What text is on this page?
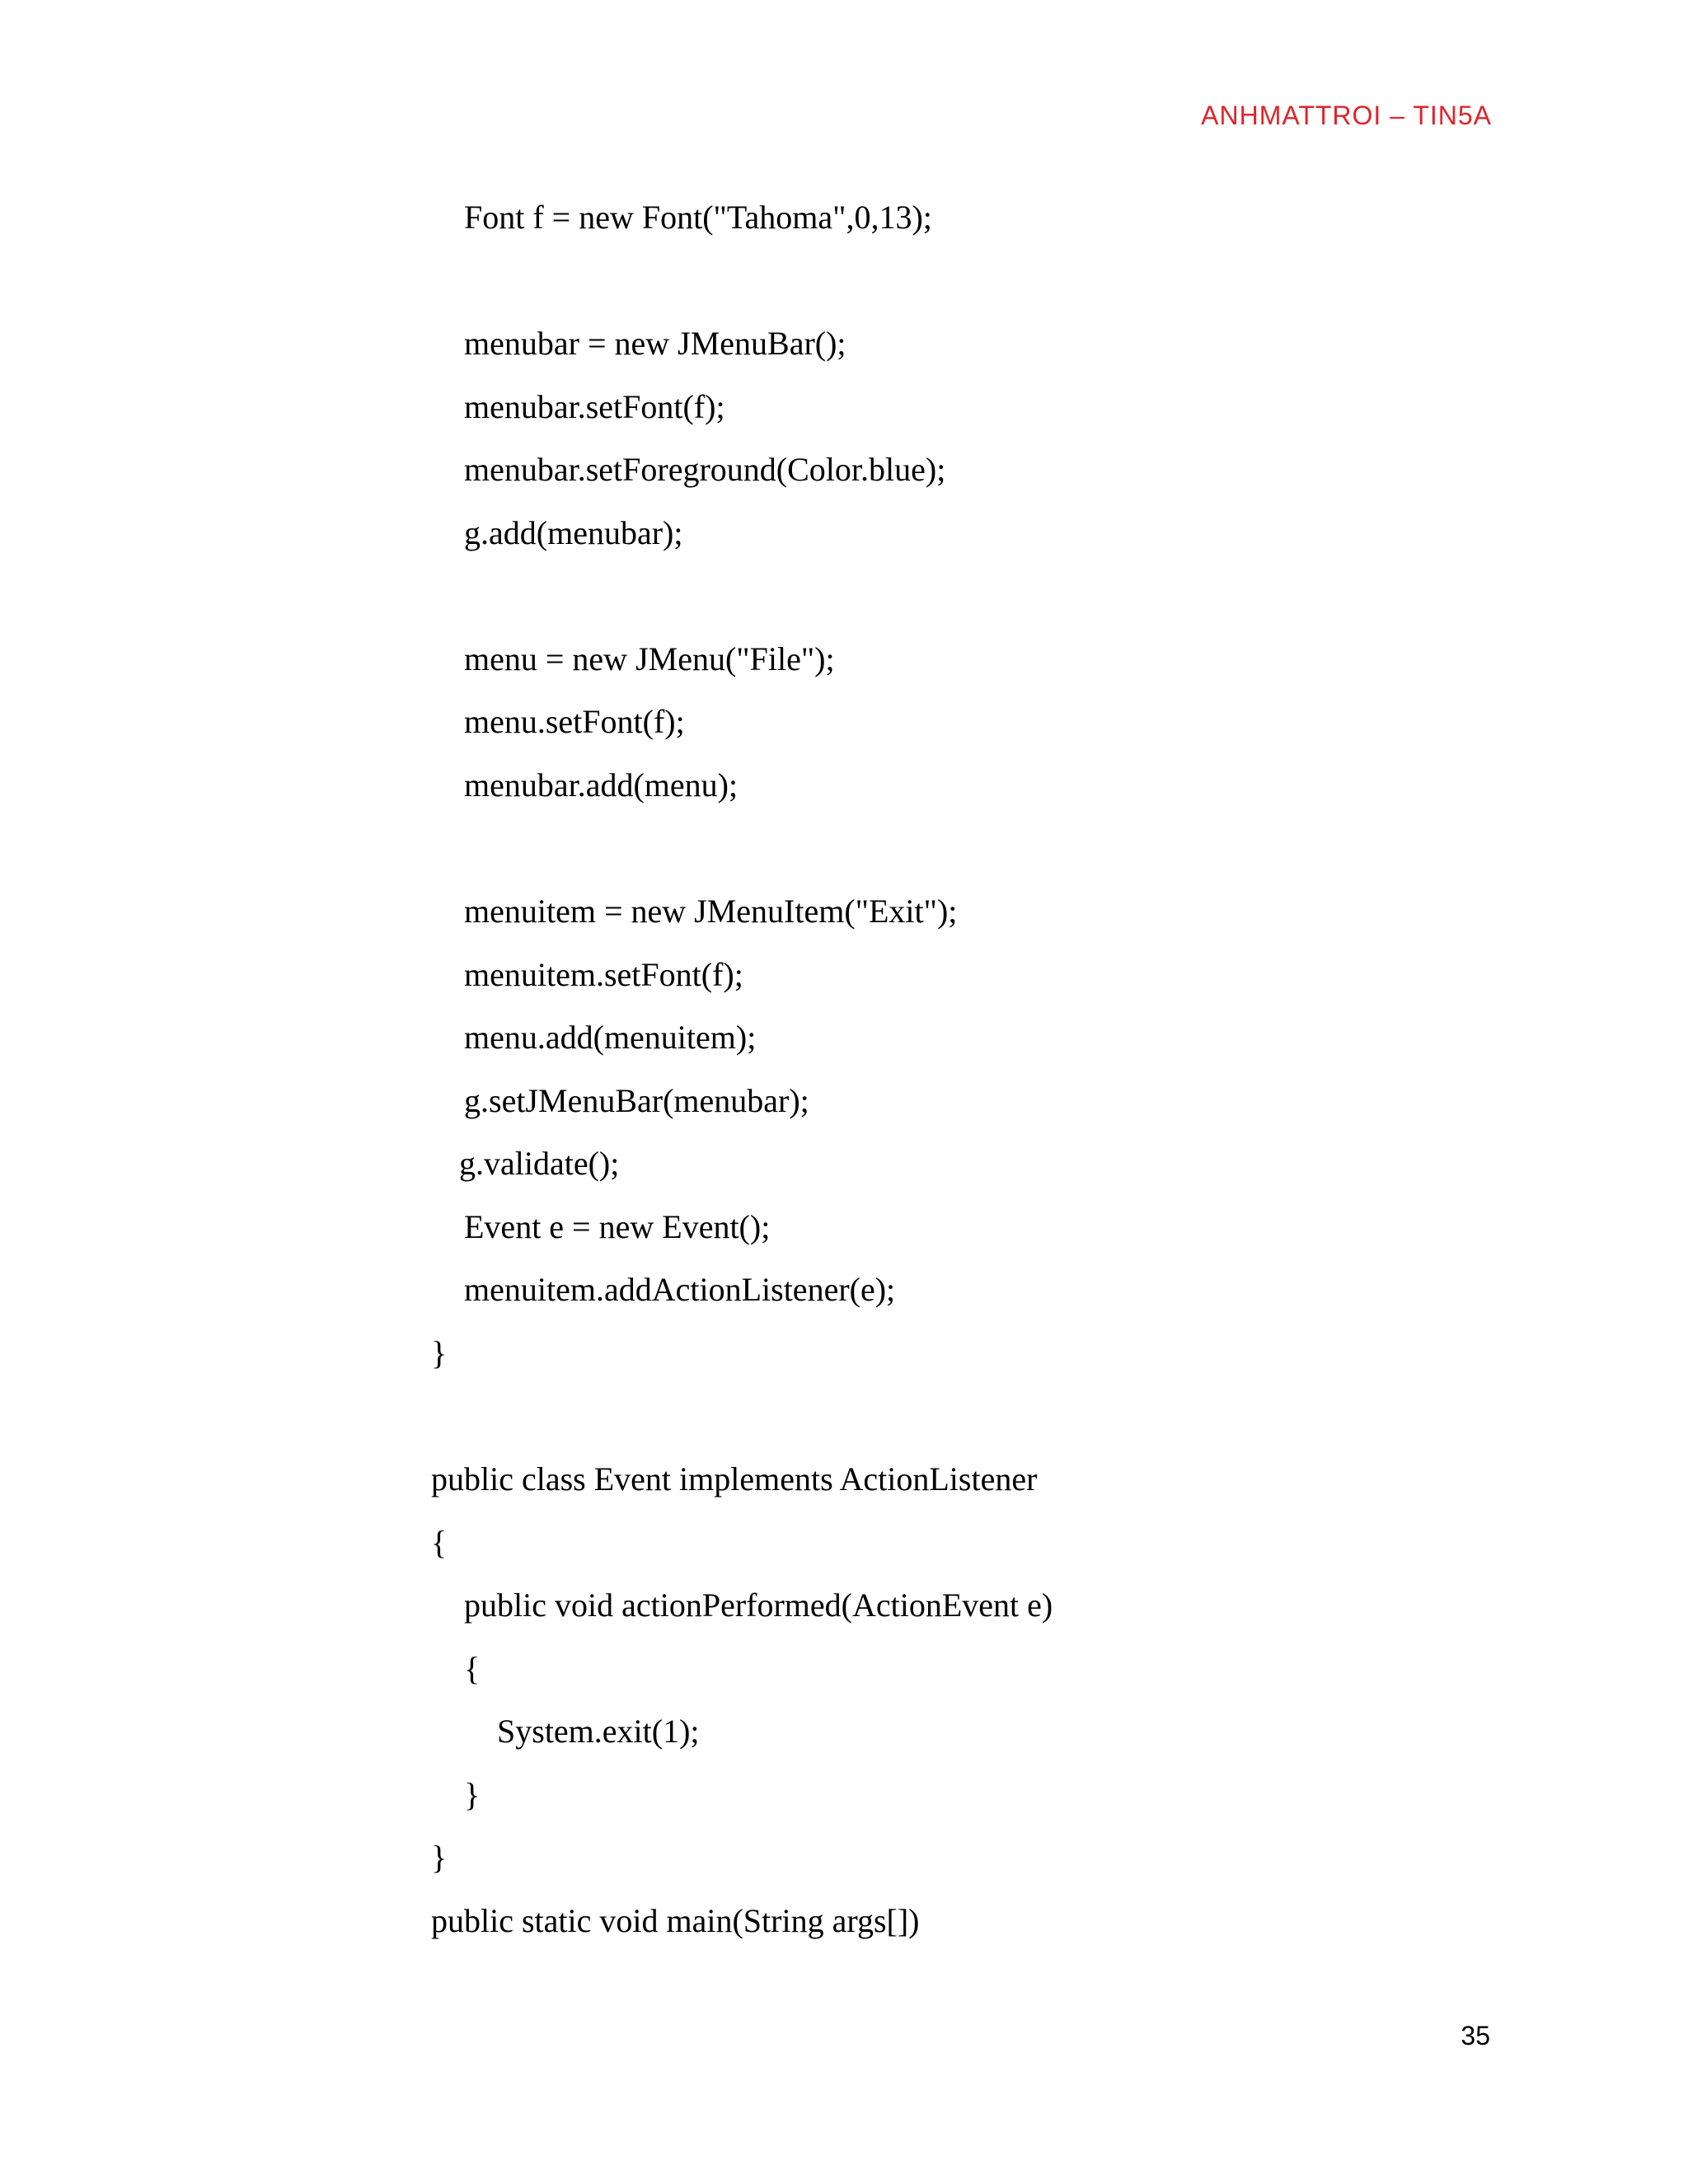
ANHMATTROI – TIN5A
Font f = new Font("Tahoma",0,13);
menubar = new JMenuBar();
menubar.setFont(f);
menubar.setForeground(Color.blue);
g.add(menubar);
menu = new JMenu("File");
menu.setFont(f);
menubar.add(menu);
menuitem = new JMenuItem("Exit");
menuitem.setFont(f);
menu.add(menuitem);
g.setJMenuBar(menubar);
g.validate();
Event e = new Event();
menuitem.addActionListener(e);
}
public class Event implements ActionListener
{
public void actionPerformed(ActionEvent e)
{
System.exit(1);
}
}
public static void main(String args[])
35
